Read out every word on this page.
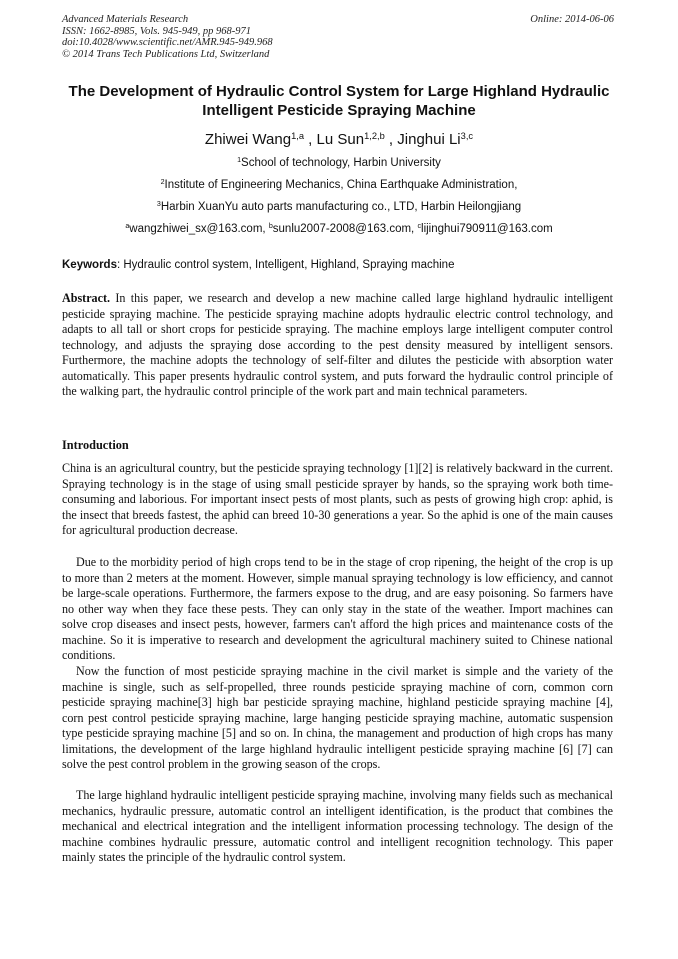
Advanced Materials Research
ISSN: 1662-8985, Vols. 945-949, pp 968-971
doi:10.4028/www.scientific.net/AMR.945-949.968
© 2014 Trans Tech Publications Ltd, Switzerland
Online: 2014-06-06
The Development of Hydraulic Control System for Large Highland Hydraulic Intelligent Pesticide Spraying Machine
Zhiwei Wang$^{1,a}$ , Lu Sun$^{1,2,b}$ , Jinghui Li$^{3,c}$
$^1$School of technology, Harbin University
$^2$Institute of Engineering Mechanics, China Earthquake Administration,
$^3$Harbin XuanYu auto parts manufacturing co., LTD, Harbin Heilongjiang
$^a$wangzhiwei_sx@163.com, $^b$sunlu2007-2008@163.com, $^c$lijinghui790911@163.com
Keywords: Hydraulic control system, Intelligent, Highland, Spraying machine
Abstract. In this paper, we research and develop a new machine called large highland hydraulic intelligent pesticide spraying machine. The pesticide spraying machine adopts hydraulic electric control technology, and adapts to all tall or short crops for pesticide spraying. The machine employs large intelligent computer control technology, and adjusts the spraying dose according to the pest density measured by intelligent sensors. Furthermore, the machine adopts the technology of self-filter and dilutes the pesticide with absorption water automatically. This paper presents hydraulic control system, and puts forward the hydraulic control principle of the walking part, the hydraulic control principle of the work part and main technical parameters.
Introduction
China is an agricultural country, but the pesticide spraying technology [1][2] is relatively backward in the current. Spraying technology is in the stage of using small pesticide sprayer by hands, so the spraying work both time-consuming and laborious. For important insect pests of most plants, such as pests of growing high crop: aphid, is the insect that breeds fastest, the aphid can breed 10-30 generations a year. So the aphid is one of the main causes for agricultural production decrease.
Due to the morbidity period of high crops tend to be in the stage of crop ripening, the height of the crop is up to more than 2 meters at the moment. However, simple manual spraying technology is low efficiency, and cannot be large-scale operations. Furthermore, the farmers expose to the drug, and are easy poisoning. So farmers have no other way when they face these pests. They can only stay in the state of the weather. Import machines can solve crop diseases and insect pests, however, farmers can't afford the high prices and maintenance costs of the machine. So it is imperative to research and development the agricultural machinery suited to Chinese national conditions.
Now the function of most pesticide spraying machine in the civil market is simple and the variety of the machine is single, such as self-propelled, three rounds pesticide spraying machine of corn, common corn pesticide spraying machine[3] high bar pesticide spraying machine, highland pesticide spraying machine [4], corn pest control pesticide spraying machine, large hanging pesticide spraying machine, automatic suspension type pesticide spraying machine [5] and so on. In china, the management and production of high crops has many limitations, the development of the large highland hydraulic intelligent pesticide spraying machine [6] [7] can solve the pest control problem in the growing season of the crops.
The large highland hydraulic intelligent pesticide spraying machine, involving many fields such as mechanical mechanics, hydraulic pressure, automatic control an intelligent identification, is the product that combines the mechanical and electrical integration and the intelligent information processing technology. The design of the machine combines hydraulic pressure, automatic control and intelligent recognition technology. This paper mainly states the principle of the hydraulic control system.
